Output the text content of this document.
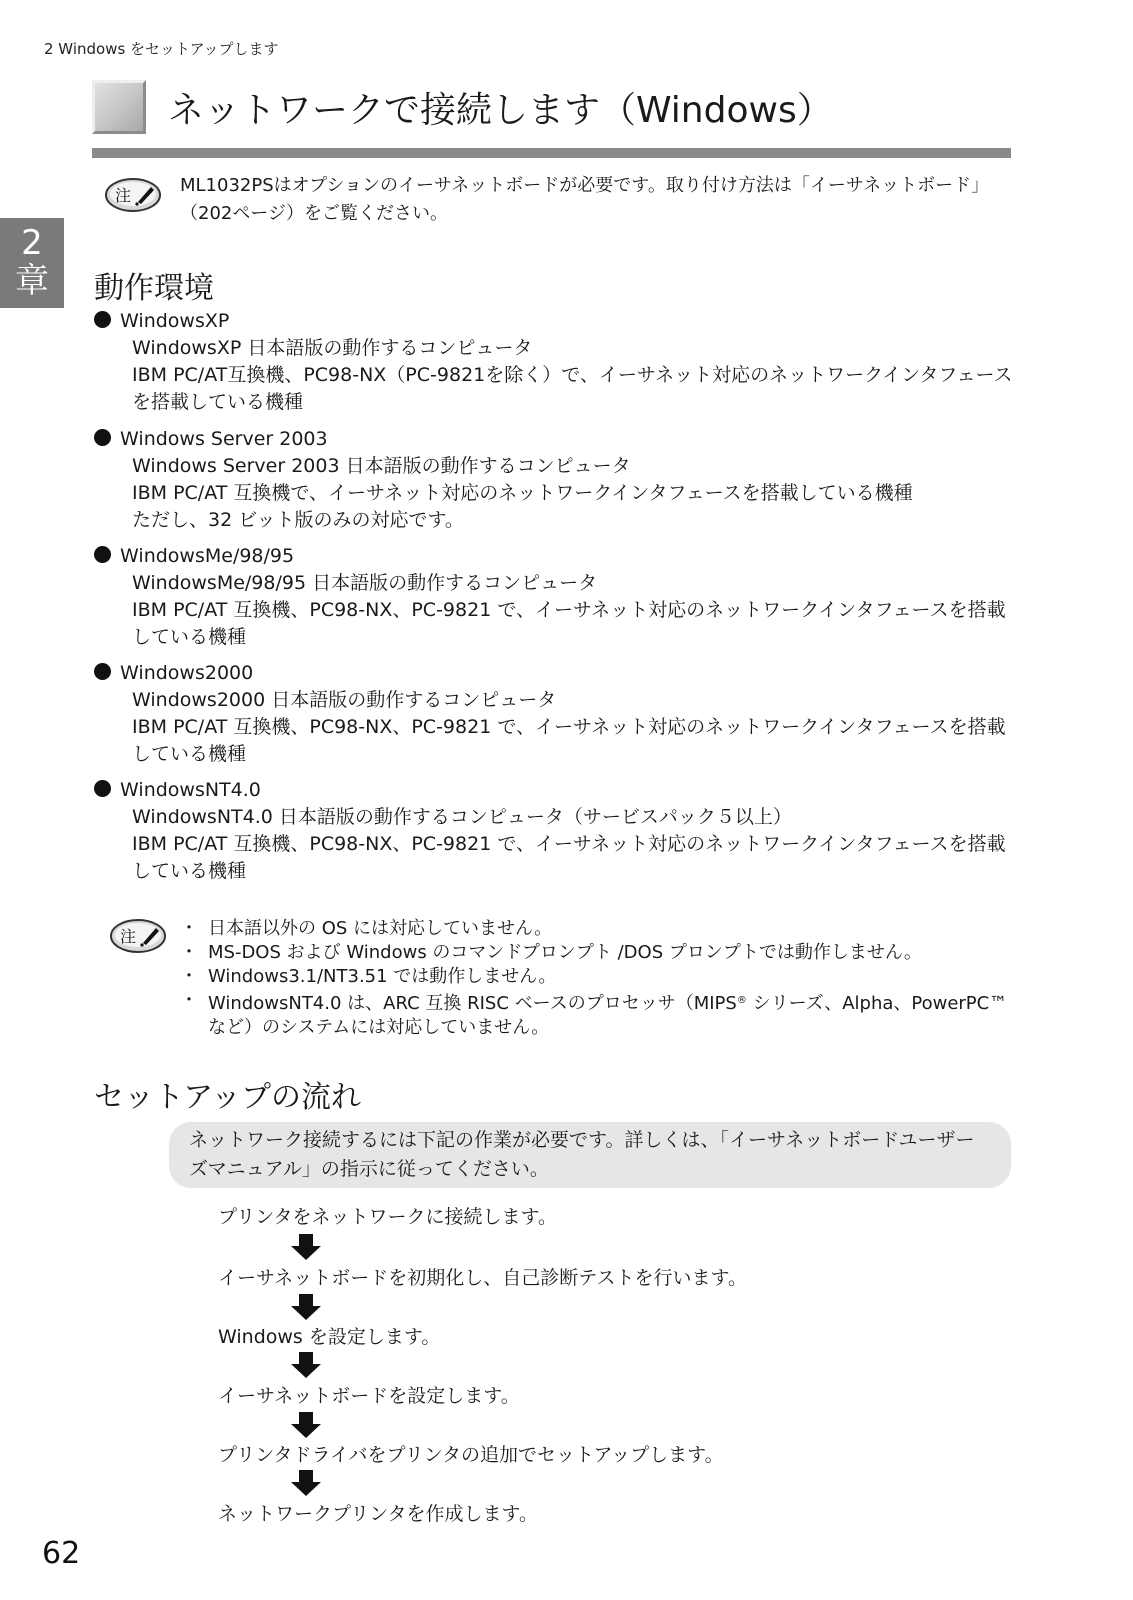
2 Windows をセットアップします
ネットワークで接続します（Windows）
2
章
注	ML1032PSはオプションのイーサネットボードが必要です。取り付け方法は「イーサネットボード」（202ページ）をご覧ください。
動作環境
WindowsXP
WindowsXP 日本語版の動作するコンピュータ
IBM PC/AT互換機、PC98-NX（PC-9821を除く）で、イーサネット対応のネットワークインタフェースを搭載している機種
Windows Server 2003
Windows Server 2003 日本語版の動作するコンピュータ
IBM PC/AT 互換機で、イーサネット対応のネットワークインタフェースを搭載している機種
ただし、32 ビット版のみの対応です。
WindowsMe/98/95
WindowsMe/98/95 日本語版の動作するコンピュータ
IBM PC/AT 互換機、PC98-NX、PC-9821 で、イーサネット対応のネットワークインタフェースを搭載している機種
Windows2000
Windows2000 日本語版の動作するコンピュータ
IBM PC/AT 互換機、PC98-NX、PC-9821 で、イーサネット対応のネットワークインタフェースを搭載している機種
WindowsNT4.0
WindowsNT4.0 日本語版の動作するコンピュータ（サービスパック５以上）
IBM PC/AT 互換機、PC98-NX、PC-9821 で、イーサネット対応のネットワークインタフェースを搭載している機種
注
・	日本語以外の OS には対応していません。
・ MS-DOS および Windows のコマンドプロンプト /DOS プロンプトでは動作しません。
・ Windows3.1/NT3.51 では動作しません。
・ WindowsNT4.0 は、ARC 互換 RISC ベースのプロセッサ（MIPS® シリーズ、Alpha、PowerPC™ など）のシステムには対応していません。
セットアップの流れ
ネットワーク接続するには下記の作業が必要です。詳しくは、「イーサネットボードユーザーズマニュアル」の指示に従ってください。
プリンタをネットワークに接続します。
イーサネットボードを初期化し、自己診断テストを行います。
Windows を設定します。
イーサネットボードを設定します。
プリンタドライバをプリンタの追加でセットアップします。
ネットワークプリンタを作成します。
62
